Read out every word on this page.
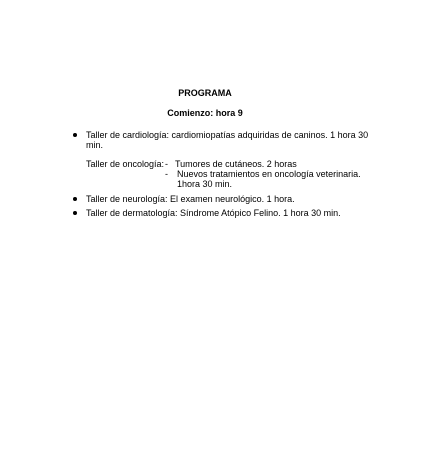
PROGRAMA
Comienzo: hora 9
Taller de cardiología: cardiomiopatías adquiridas de caninos. 1 hora 30
min.
Taller de oncología: - Tumores de cutáneos. 2 horas
- Nuevos tratamientos en oncología veterinaria.
1hora 30 min.
Taller de neurología: El examen neurológico. 1 hora.
Taller de dermatología: Síndrome Atópico Felino. 1 hora 30 min.
